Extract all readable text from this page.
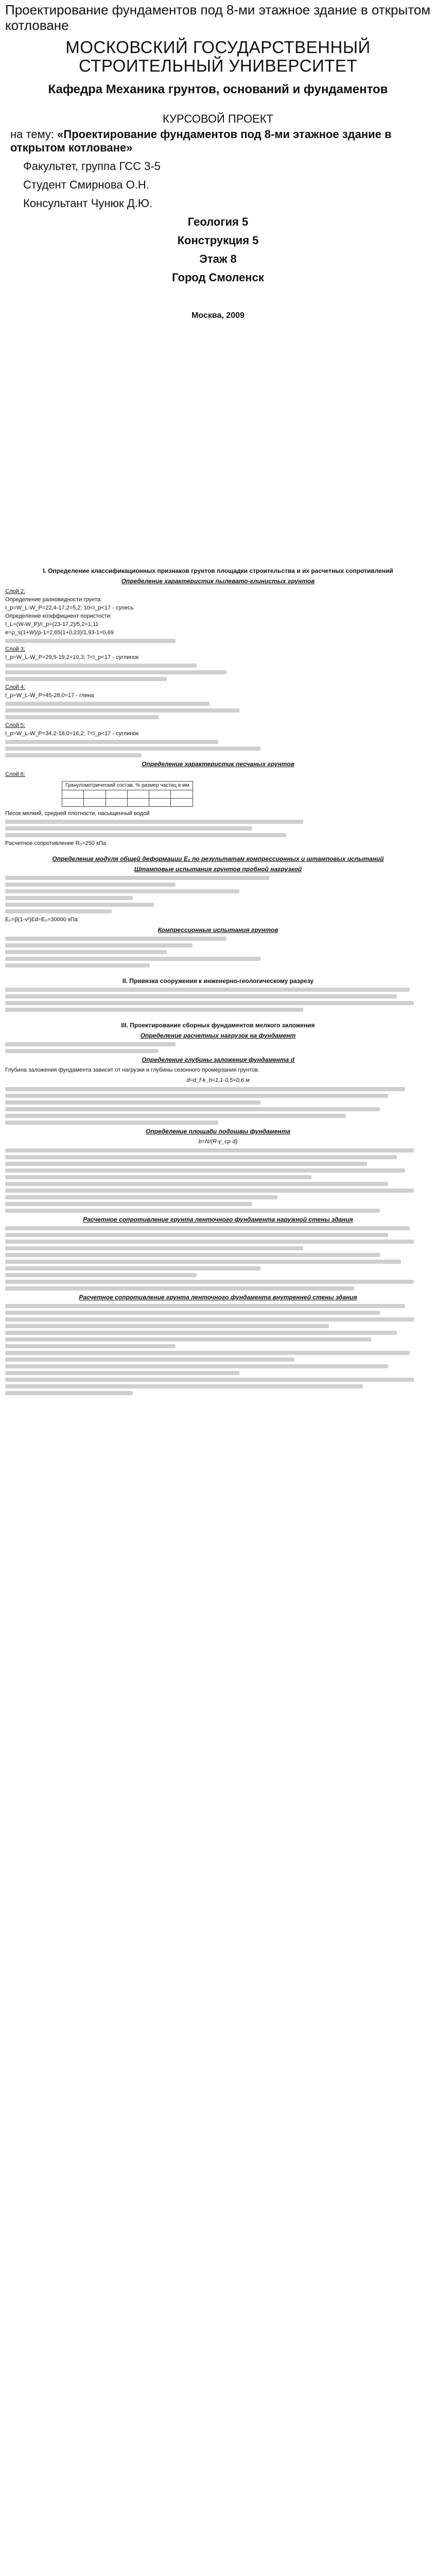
Проектирование фундаментов под 8-ми этажное здание в открытом котловане

МОСКОВСКИЙ ГОСУДАРСТВЕННЫЙ СТРОИТЕЛЬНЫЙ УНИВЕРСИТЕТ

Кафедра Механика грунтов, оснований и фундаментов

КУРСОВОЙ ПРОЕКТ

на тему: «Проектирование фундаментов под 8-ми этажное здание в открытом котловане»

Факультет, группа ГСС 3-5

Студент Смирнова О.Н.

Консультант Чунюк Д.Ю.

Геология 5

Конструкция 5

Этаж 8

Город Смоленск

Москва, 2009

I. Определение классификационных признаков грунтов площадки строительства и их расчетных сопротивлений
Определение характеристик пылевато-глинистых грунтов
Слой 2:
Определение разновидности грунта:
I_p=W_L-W_P=22,4-17,2=5,2; 10<I_p<17 - супесь
Определение коэффициент пористости:
I_L=(W-W_P)/I_p=(23-17,2)/5,2=1,11
e=ρ_s(1+W)/ρ-1=2,65(1+0,23)/1,93-1=0,69
Слой 3:
I_p=W_L-W_P=29,5-19,2=10,3; 7<I_p<17 - суглинок
Слой 4:
I_p=W_L-W_P=45-28,0=17 - глина
Слой 5:
I_p=W_L-W_P=34,2-18,0=16,2; 7<I_p<17 - суглинок
Определение характеристик песчаных грунтов
Слой 6:
Гранулометрический состав, % размер частиц в мм					

Песок мелкий, средней плотности, насыщенный водой
Расчетное сопротивление R₀=250 кПа
Определение модуля общей деформации E₀ по результатам компрессионных и штамповых испытаний
Штамповые испытания грунтов пробной нагрузкой
E₀=β(1-ν²)Ɛd=E₀=30000 кПа
Компрессионные испытания грунтов
II. Привязка сооружения к инженерно-геологическому разрезу
III. Проектирование сборных фундаментов мелкого заложения
Определение расчетных нагрузок на фундамент
Определение глубины заложения фундамента d
Глубина заложения фундамента зависит от нагрузки и глубины сезонного промерзания грунтов.
d=d_f·k_h=1,1·0,5=0,6 м
Определение площади подошвы фундамента
b=N/(R-γ_ср·d)
Расчетное сопротивление грунта ленточного фундамента наружной стены здания
Расчетное сопротивление грунта ленточного фундамента внутренней стены здания
